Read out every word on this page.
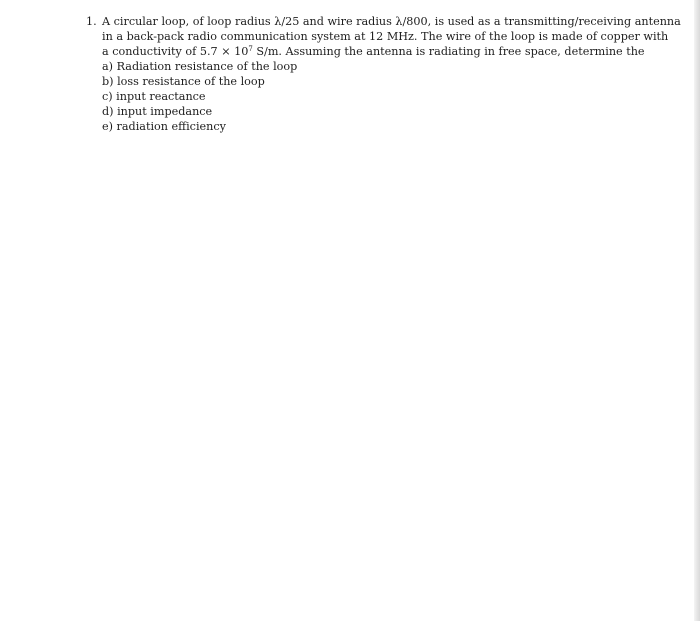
1. A circular loop, of loop radius λ/25 and wire radius λ/800, is used as a transmitting/receiving antenna
in a back-pack radio communication system at 12 MHz. The wire of the loop is made of copper with
a conductivity of $5.7 \times 10^7$ S/m. Assuming the antenna is radiating in free space, determine the
a) Radiation resistance of the loop
b) loss resistance of the loop
c) input reactance
d) input impedance
e) radiation efficiency
